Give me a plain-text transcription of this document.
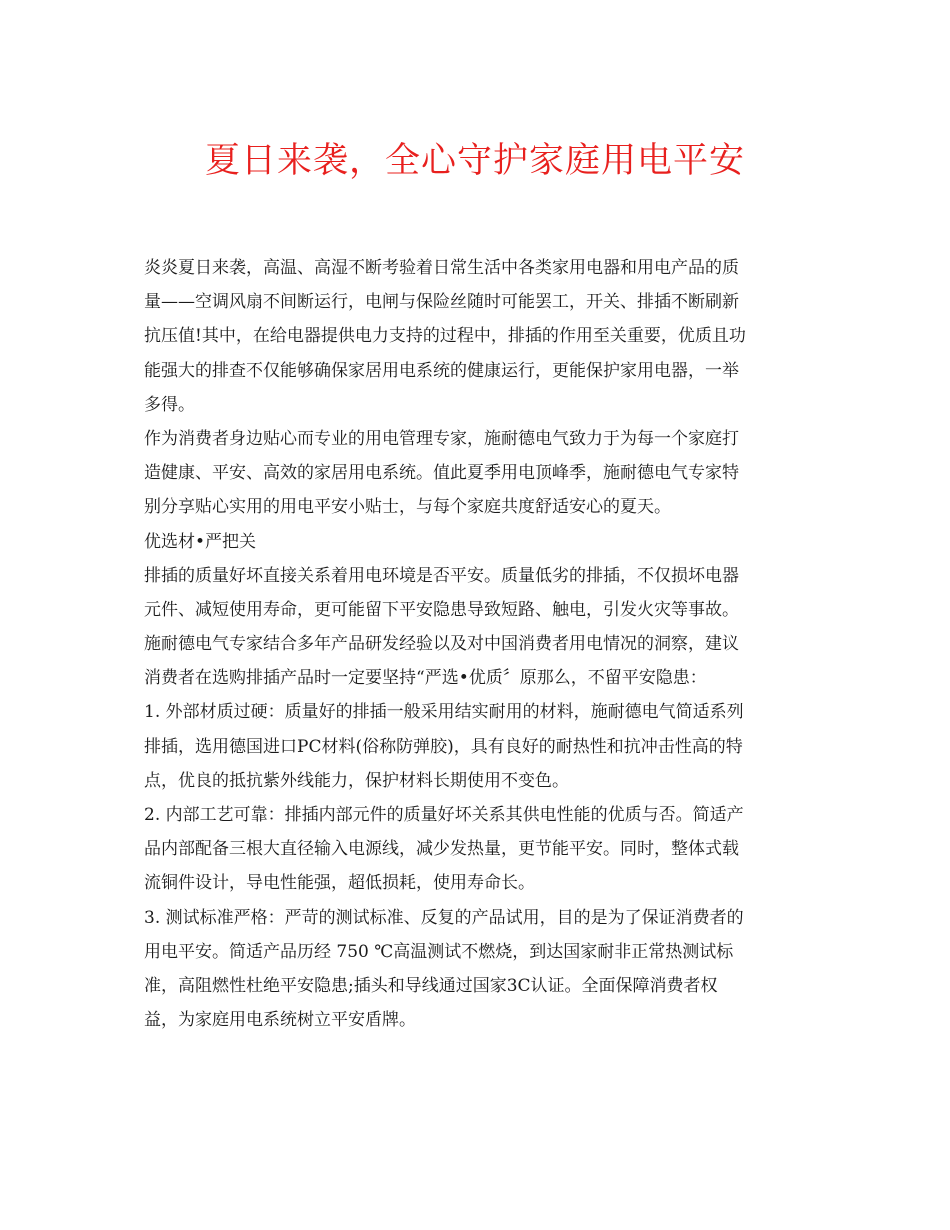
夏日来袭，全心守护家庭用电平安
炎炎夏日来袭，高温、高湿不断考验着日常生活中各类家用电器和用电产品的质
量——空调风扇不间断运行，电闸与保险丝随时可能罢工，开关、排插不断刷新
抗压值!其中，在给电器提供电力支持的过程中，排插的作用至关重要，优质且功
能强大的排查不仅能够确保家居用电系统的健康运行，更能保护家用电器，一举
多得。
作为消费者身边贴心而专业的用电管理专家，施耐德电气致力于为每一个家庭打
造健康、平安、高效的家居用电系统。值此夏季用电顶峰季，施耐德电气专家特
别分享贴心实用的用电平安小贴士，与每个家庭共度舒适安心的夏天。
优选材•严把关
排插的质量好坏直接关系着用电环境是否平安。质量低劣的排插，不仅损坏电器
元件、减短使用寿命，更可能留下平安隐患导致短路、触电，引发火灾等事故。
施耐德电气专家结合多年产品研发经验以及对中国消费者用电情况的洞察，建议
消费者在选购排插产品时一定要坚持“严选•优质〞原那么，不留平安隐患：
1. 外部材质过硬：质量好的排插一般采用结实耐用的材料，施耐德电气简适系列
排插，选用德国进口PC材料(俗称防弹胶)，具有良好的耐热性和抗冲击性高的特
点，优良的抵抗紫外线能力，保护材料长期使用不变色。
2. 内部工艺可靠：排插内部元件的质量好坏关系其供电性能的优质与否。简适产
品内部配备三根大直径输入电源线，减少发热量，更节能平安。同时，整体式载
流铜件设计，导电性能强，超低损耗，使用寿命长。
3. 测试标准严格：严苛的测试标准、反复的产品试用，目的是为了保证消费者的
用电平安。简适产品历经 750 ℃高温测试不燃烧，到达国家耐非正常热测试标
准，高阻燃性杜绝平安隐患;插头和导线通过国家3C认证。全面保障消费者权
益，为家庭用电系统树立平安盾牌。
